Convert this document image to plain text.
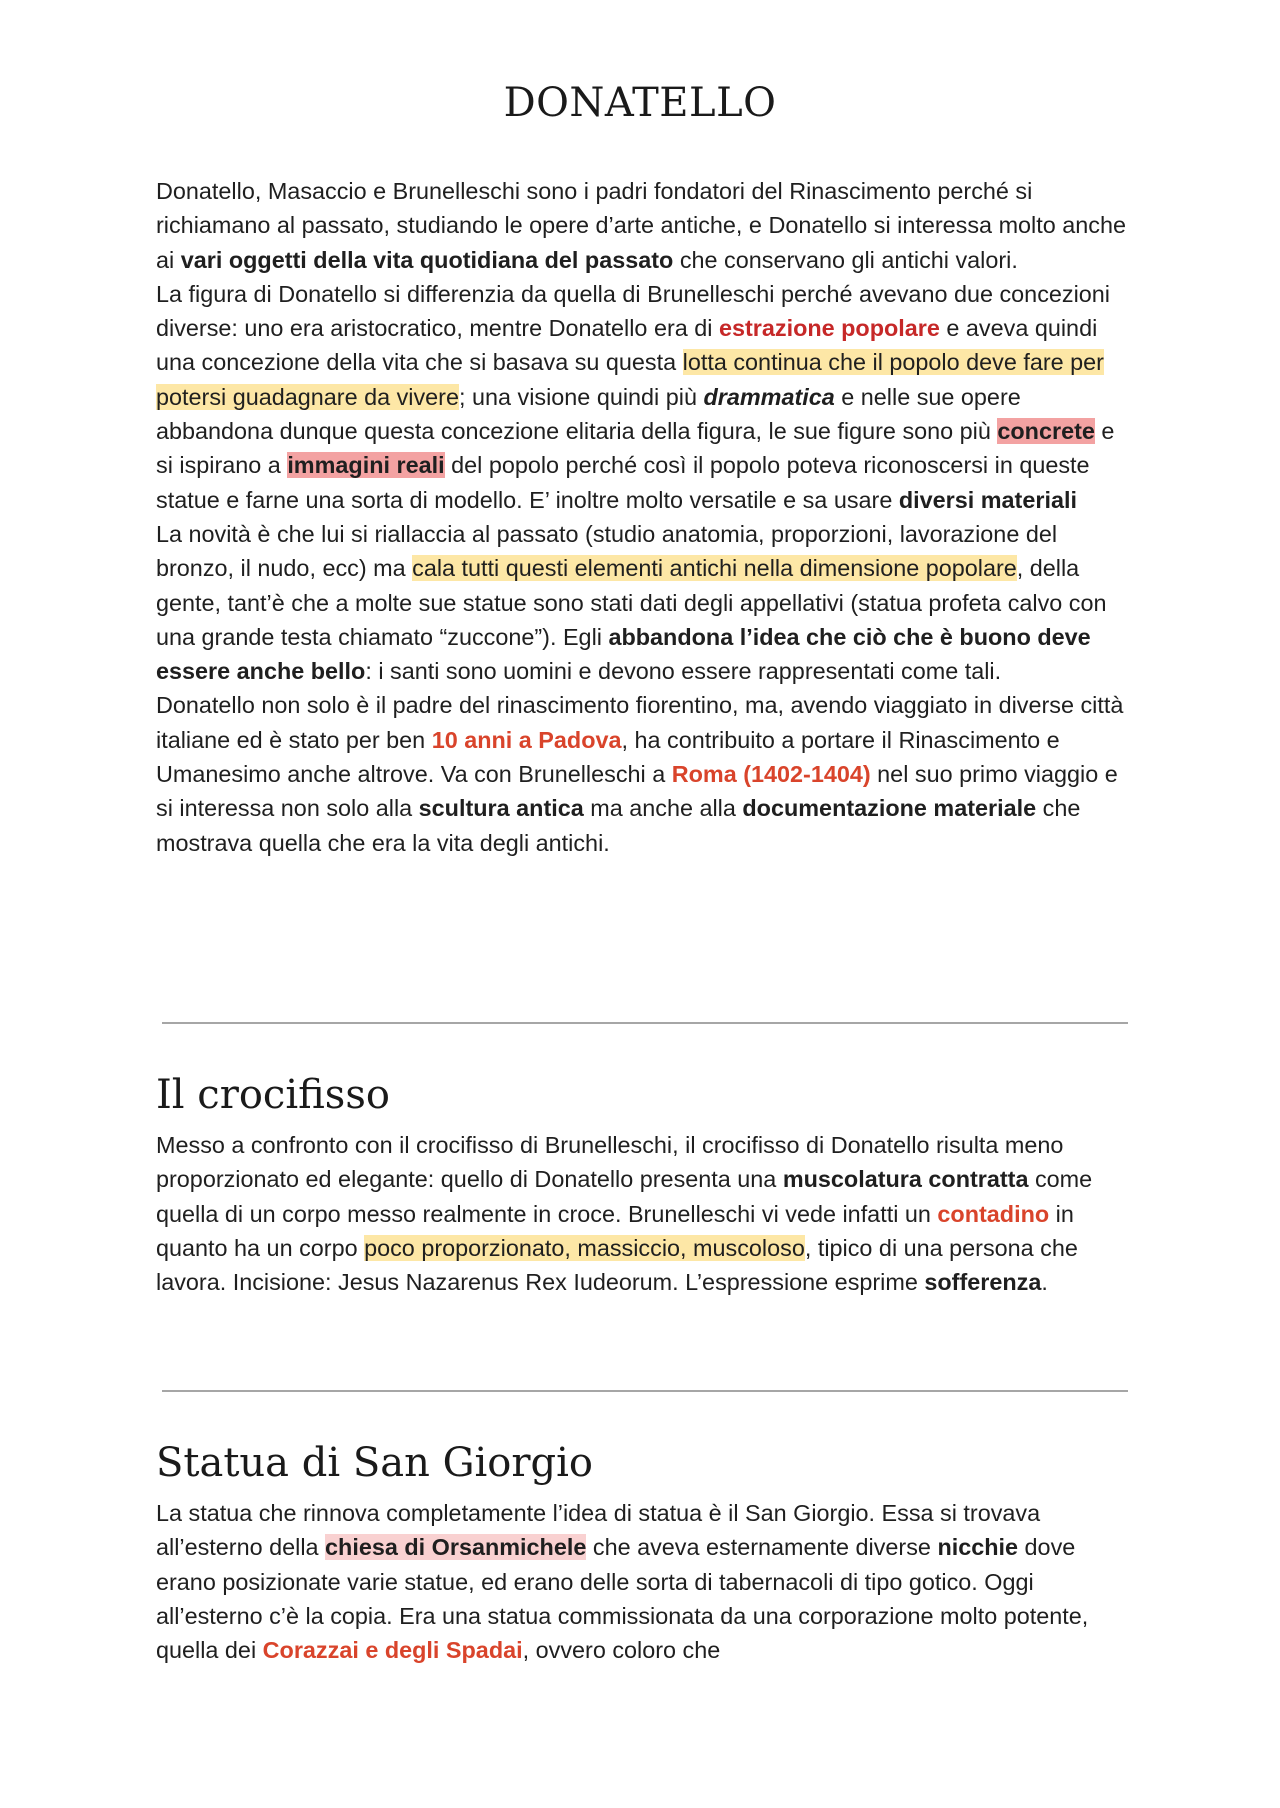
DONATELLO

Donatello, Masaccio e Brunelleschi sono i padri fondatori del Rinascimento perché si richiamano al passato, studiando le opere d’arte antiche, e Donatello si interessa molto anche ai vari oggetti della vita quotidiana del passato che conservano gli antichi valori.

La figura di Donatello si differenzia da quella di Brunelleschi perché avevano due concezioni diverse: uno era aristocratico, mentre Donatello era di estrazione popolare e aveva quindi una concezione della vita che si basava su questa lotta continua che il popolo deve fare per potersi guadagnare da vivere; una visione quindi più drammatica e nelle sue opere abbandona dunque questa concezione elitaria della figura, le sue figure sono più concrete e si ispirano a immagini reali del popolo perché così il popolo poteva riconoscersi in queste statue e farne una sorta di modello. E’ inoltre molto versatile e sa usare diversi materiali

La novità è che lui si riallaccia al passato (studio anatomia, proporzioni, lavorazione del bronzo, il nudo, ecc) ma cala tutti questi elementi antichi nella dimensione popolare, della gente, tant’è che a molte sue statue sono stati dati degli appellativi (statua profeta calvo con una grande testa chiamato “zuccone”). Egli abbandona l’idea che ciò che è buono deve essere anche bello: i santi sono uomini e devono essere rappresentati come tali.

Donatello non solo è il padre del rinascimento fiorentino, ma, avendo viaggiato in diverse città italiane ed è stato per ben 10 anni a Padova, ha contribuito a portare il Rinascimento e Umanesimo anche altrove. Va con Brunelleschi a Roma (1402-1404) nel suo primo viaggio e si interessa non solo alla scultura antica ma anche alla documentazione materiale che mostrava quella che era la vita degli antichi.

Il crocifisso

Messo a confronto con il crocifisso di Brunelleschi, il crocifisso di Donatello risulta meno proporzionato ed elegante: quello di Donatello presenta una muscolatura contratta come quella di un corpo messo realmente in croce. Brunelleschi vi vede infatti un contadino in quanto ha un corpo poco proporzionato, massiccio, muscoloso, tipico di una persona che lavora. Incisione: Jesus Nazarenus Rex Iudeorum. L’espressione esprime sofferenza.

Statua di San Giorgio

La statua che rinnova completamente l’idea di statua è il San Giorgio. Essa si trovava all’esterno della chiesa di Orsanmichele che aveva esternamente diverse nicchie dove erano posizionate varie statue, ed erano delle sorta di tabernacoli di tipo gotico. Oggi all’esterno c’è la copia. Era una statua commissionata da una corporazione molto potente, quella dei Corazzai e degli Spadai, ovvero coloro che
